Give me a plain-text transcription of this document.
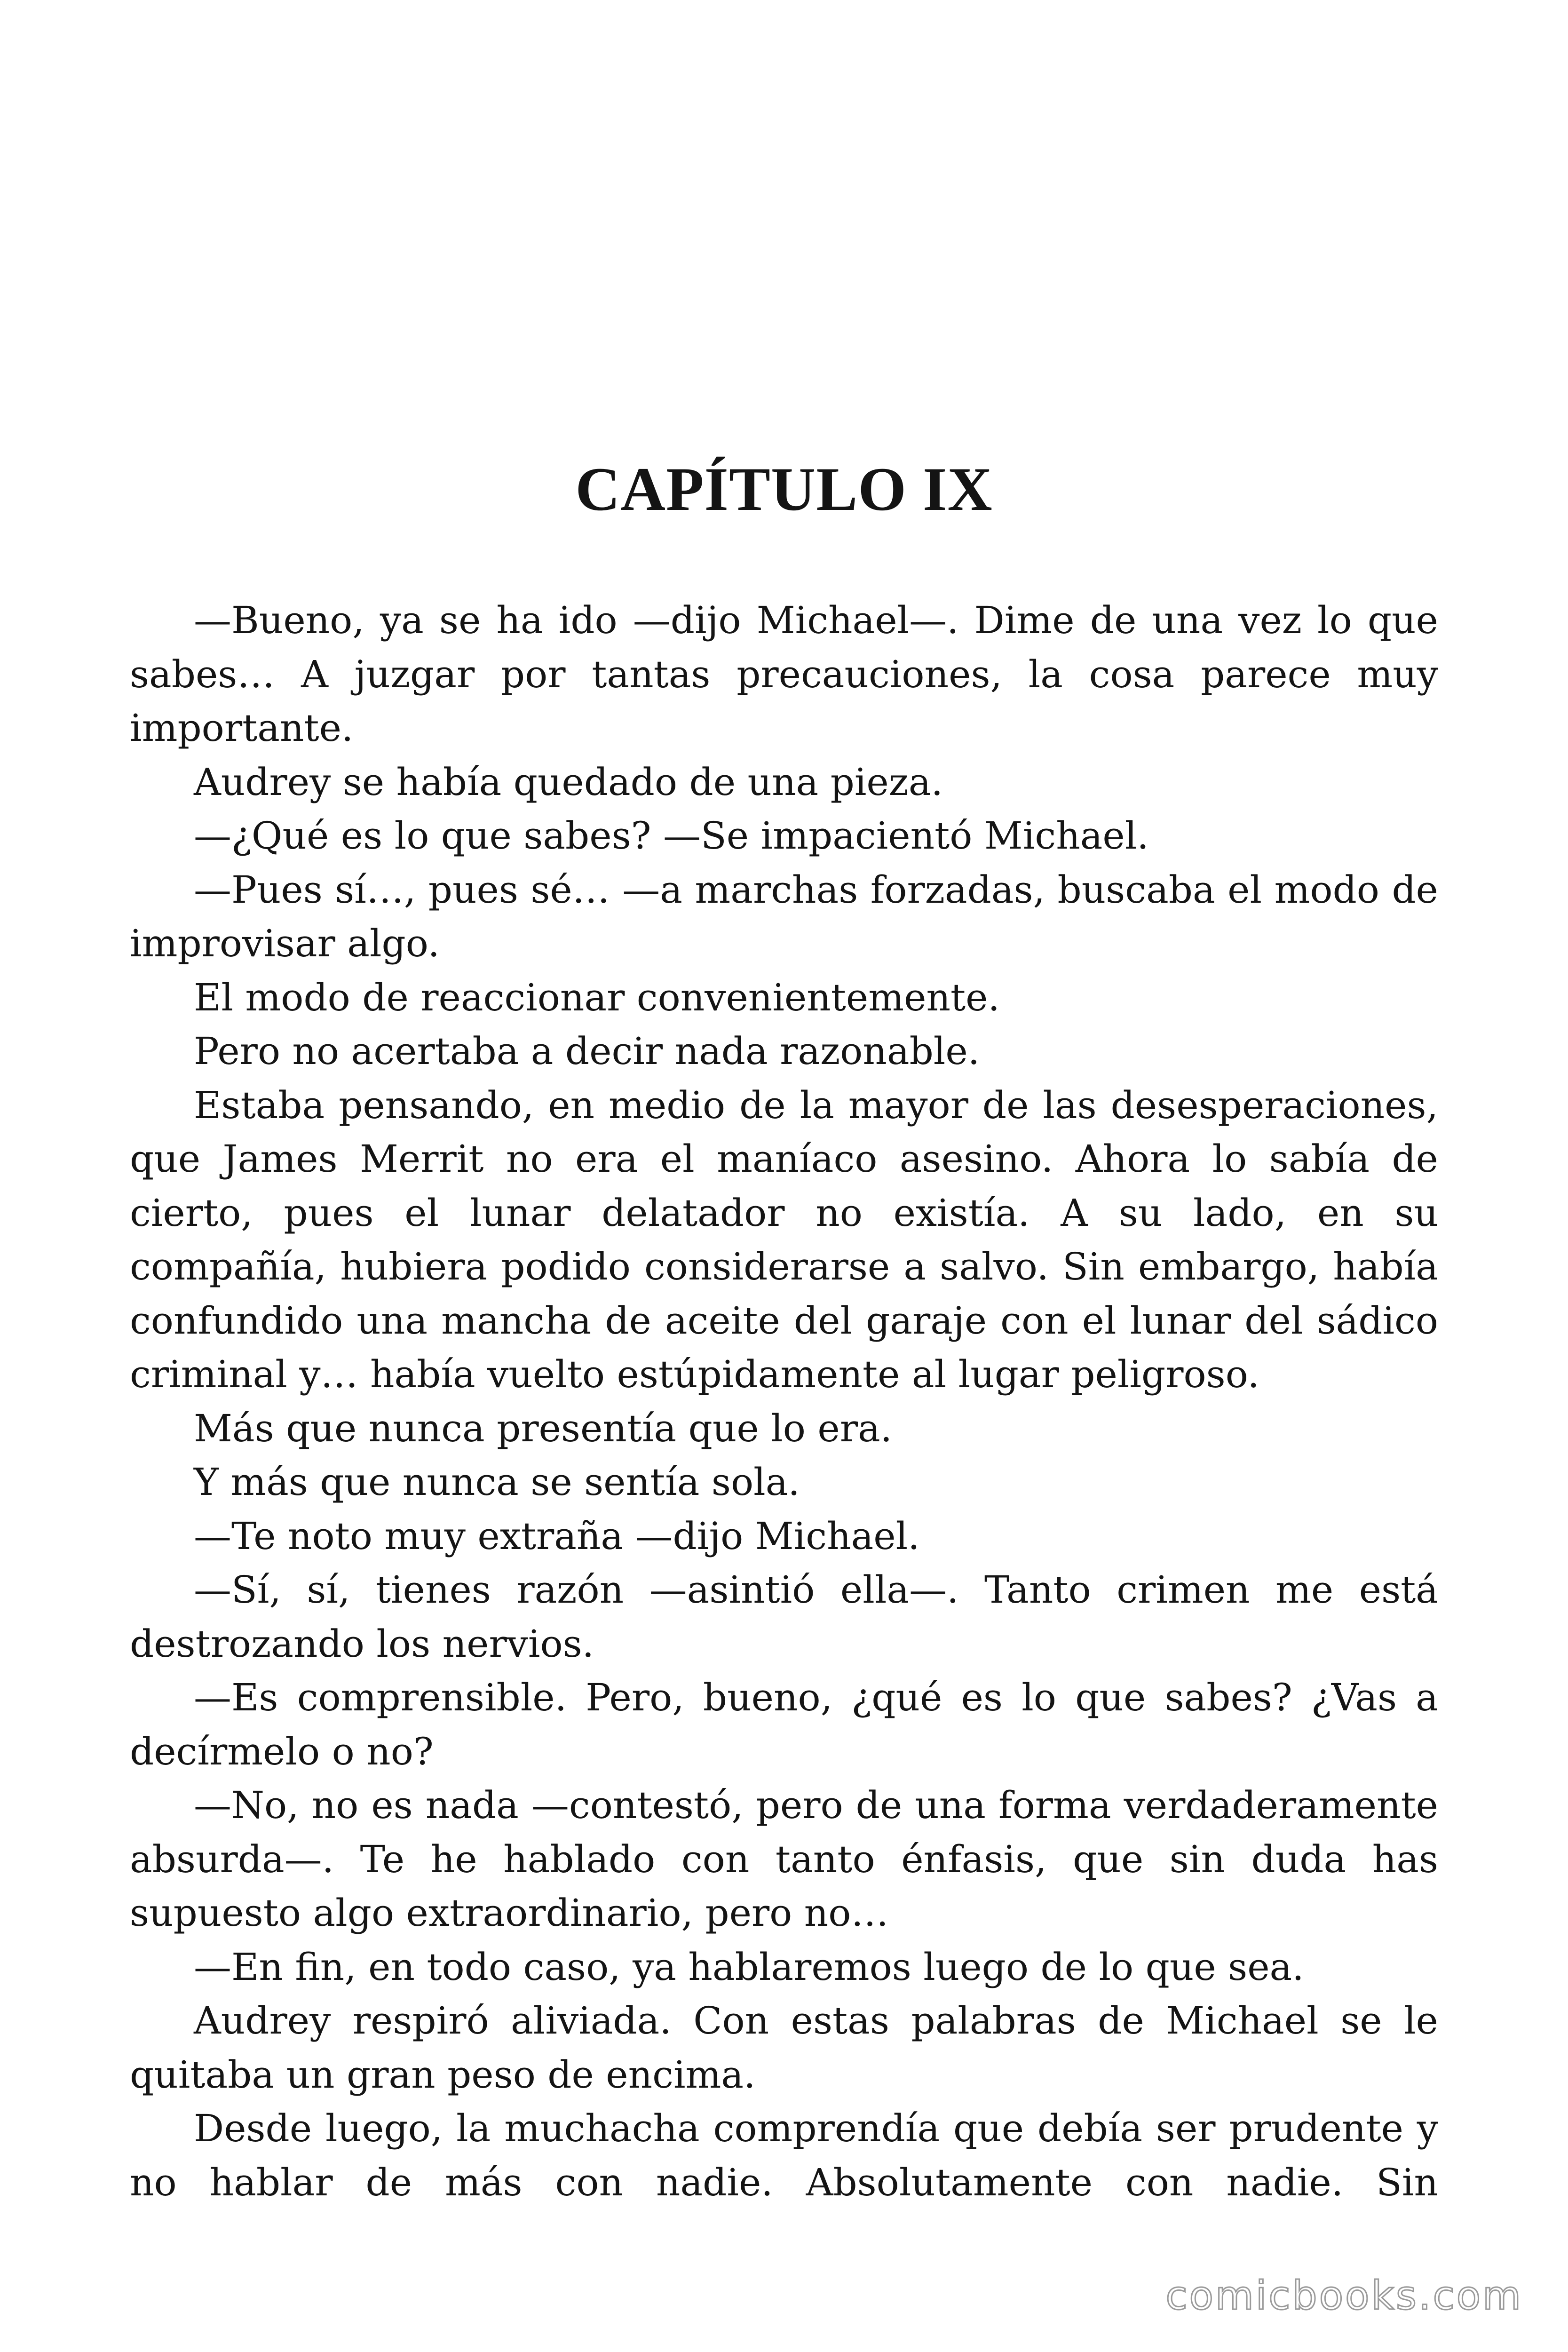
CAPÍTULO IX

—Bueno, ya se ha ido —dijo Michael—. Dime de una vez lo que sabes… A juzgar por tantas precauciones, la cosa parece muy importante.

Audrey se había quedado de una pieza.

—¿Qué es lo que sabes? —Se impacientó Michael.

—Pues sí…, pues sé… —a marchas forzadas, buscaba el modo de improvisar algo.

El modo de reaccionar convenientemente.

Pero no acertaba a decir nada razonable.

Estaba pensando, en medio de la mayor de las desesperaciones, que James Merrit no era el maníaco asesino. Ahora lo sabía de cierto, pues el lunar delatador no existía. A su lado, en su compañía, hubiera podido considerarse a salvo. Sin embargo, había confundido una mancha de aceite del garaje con el lunar del sádico criminal y… había vuelto estúpidamente al lugar peligroso.

Más que nunca presentía que lo era.

Y más que nunca se sentía sola.

—Te noto muy extraña —dijo Michael.

—Sí, sí, tienes razón —asintió ella—. Tanto crimen me está destrozando los nervios.

—Es comprensible. Pero, bueno, ¿qué es lo que sabes? ¿Vas a decírmelo o no?

—No, no es nada —contestó, pero de una forma verdaderamente absurda—. Te he hablado con tanto énfasis, que sin duda has supuesto algo extraordinario, pero no…

—En fin, en todo caso, ya hablaremos luego de lo que sea.

Audrey respiró aliviada. Con estas palabras de Michael se le quitaba un gran peso de encima.

Desde luego, la muchacha comprendía que debía ser prudente y no hablar de más con nadie. Absolutamente con nadie. Sin

comicbooks.com
